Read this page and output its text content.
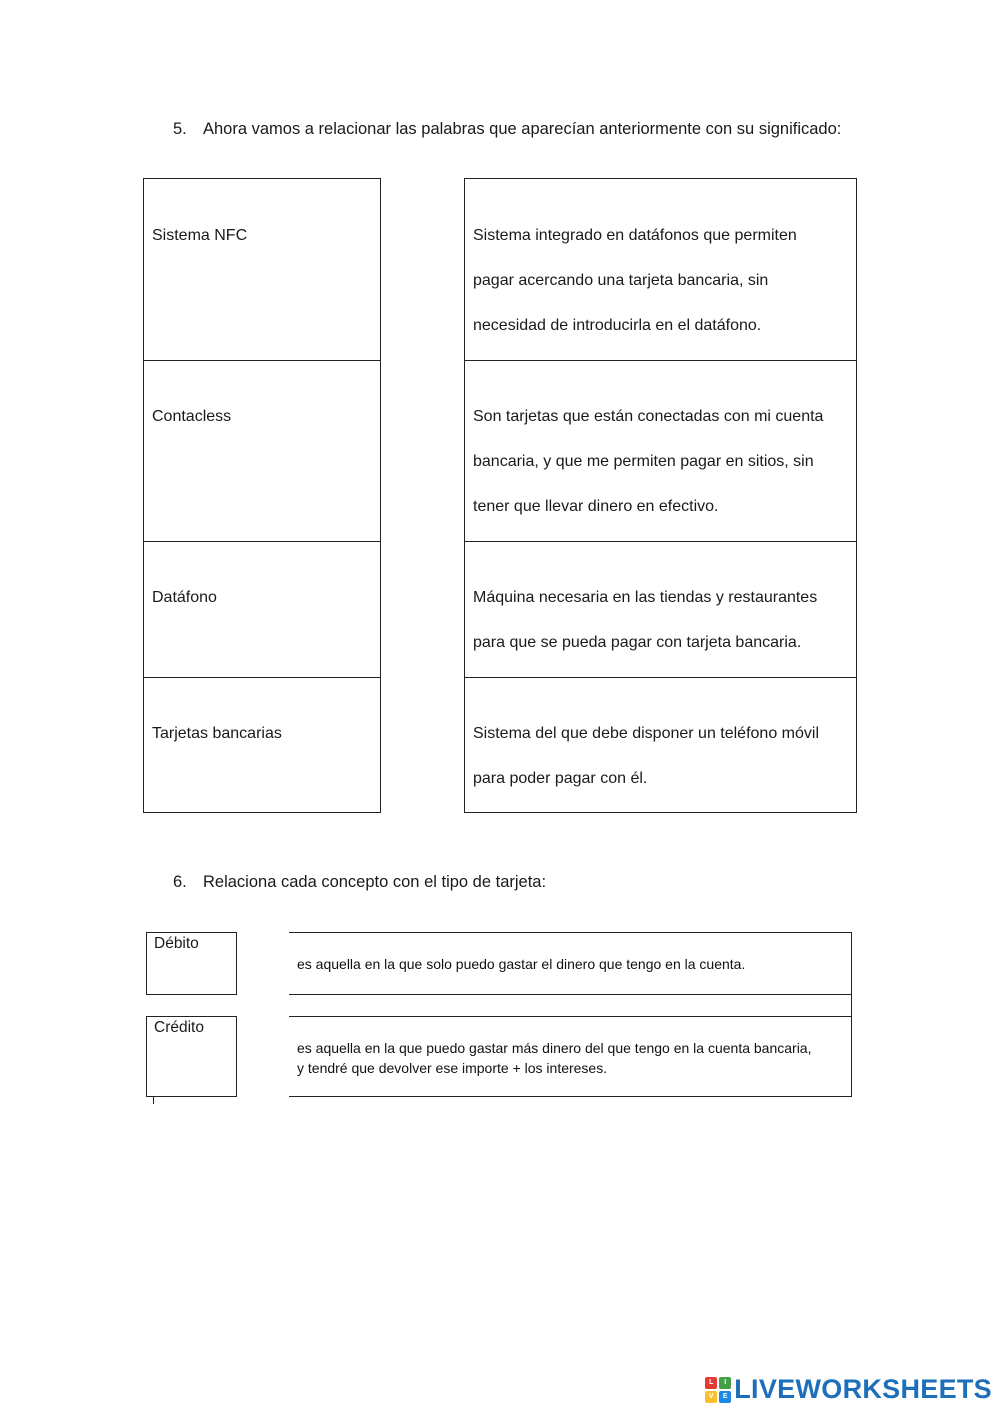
5. Ahora vamos a relacionar las palabras que aparecían anteriormente con su significado:
Sistema NFC
Contacless
Datáfono
Tarjetas bancarias
Sistema integrado en datáfonos que permiten
pagar acercando una tarjeta bancaria, sin
necesidad de introducirla en el datáfono.
Son tarjetas que están conectadas con mi cuenta
bancaria, y que me permiten pagar en sitios, sin
tener que llevar dinero en efectivo.
Máquina necesaria en las tiendas y restaurantes
para que se pueda pagar con tarjeta bancaria.
Sistema del que debe disponer un teléfono móvil
para poder pagar con él.
6. Relaciona cada concepto con el tipo de tarjeta:
Débito
Crédito
es aquella en la que solo puedo gastar el dinero que tengo en la cuenta.
es aquella en la que puedo gastar más dinero del que tengo en la cuenta bancaria,
y tendré que devolver ese importe + los intereses.
L	I
V	E LIVEWORKSHEETS
